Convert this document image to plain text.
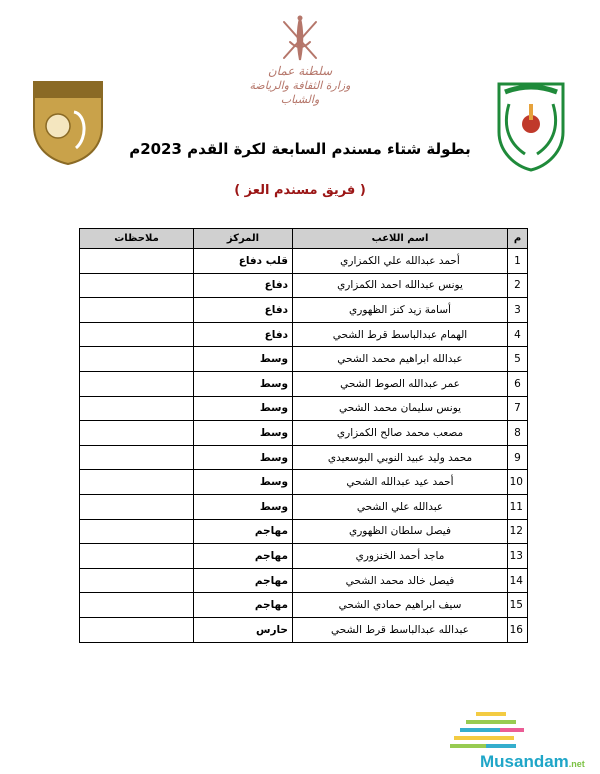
سلطنة عمان
وزارة الثقافة والرياضة والشباب
بطولة شتاء مسندم السابعة لكرة القدم 2023م
( فريق مسندم العز )
م	اسم اللاعب	المركز	ملاحظات
1	أحمد عبدالله علي الكمزاري	قلب دفاع	
2	يونس عبدالله احمد الكمزاري	دفاع	
3	أسامة زيد كنز الظهوري	دفاع	
4	الهمام عبدالباسط قرط الشحي	دفاع	
5	عبدالله ابراهيم محمد الشحي	وسط	
6	عمر عبدالله الصوط الشحي	وسط	
7	يونس سليمان محمد الشحي	وسط	
8	مصعب محمد صالح الكمزاري	وسط	
9	محمد وليد عبيد النوبي البوسعيدي	وسط	
10	أحمد عيد عبدالله الشحي	وسط	
11	عبدالله علي الشحي	وسط	
12	فيصل سلطان الظهوري	مهاجم	
13	ماجد أحمد الخنزوري	مهاجم	
14	فيصل خالد محمد الشحي	مهاجم	
15	سيف ابراهيم حمادي الشحي	مهاجم	
16	عبدالله عبدالباسط قرط الشحي	حارس	
Musandam.net
